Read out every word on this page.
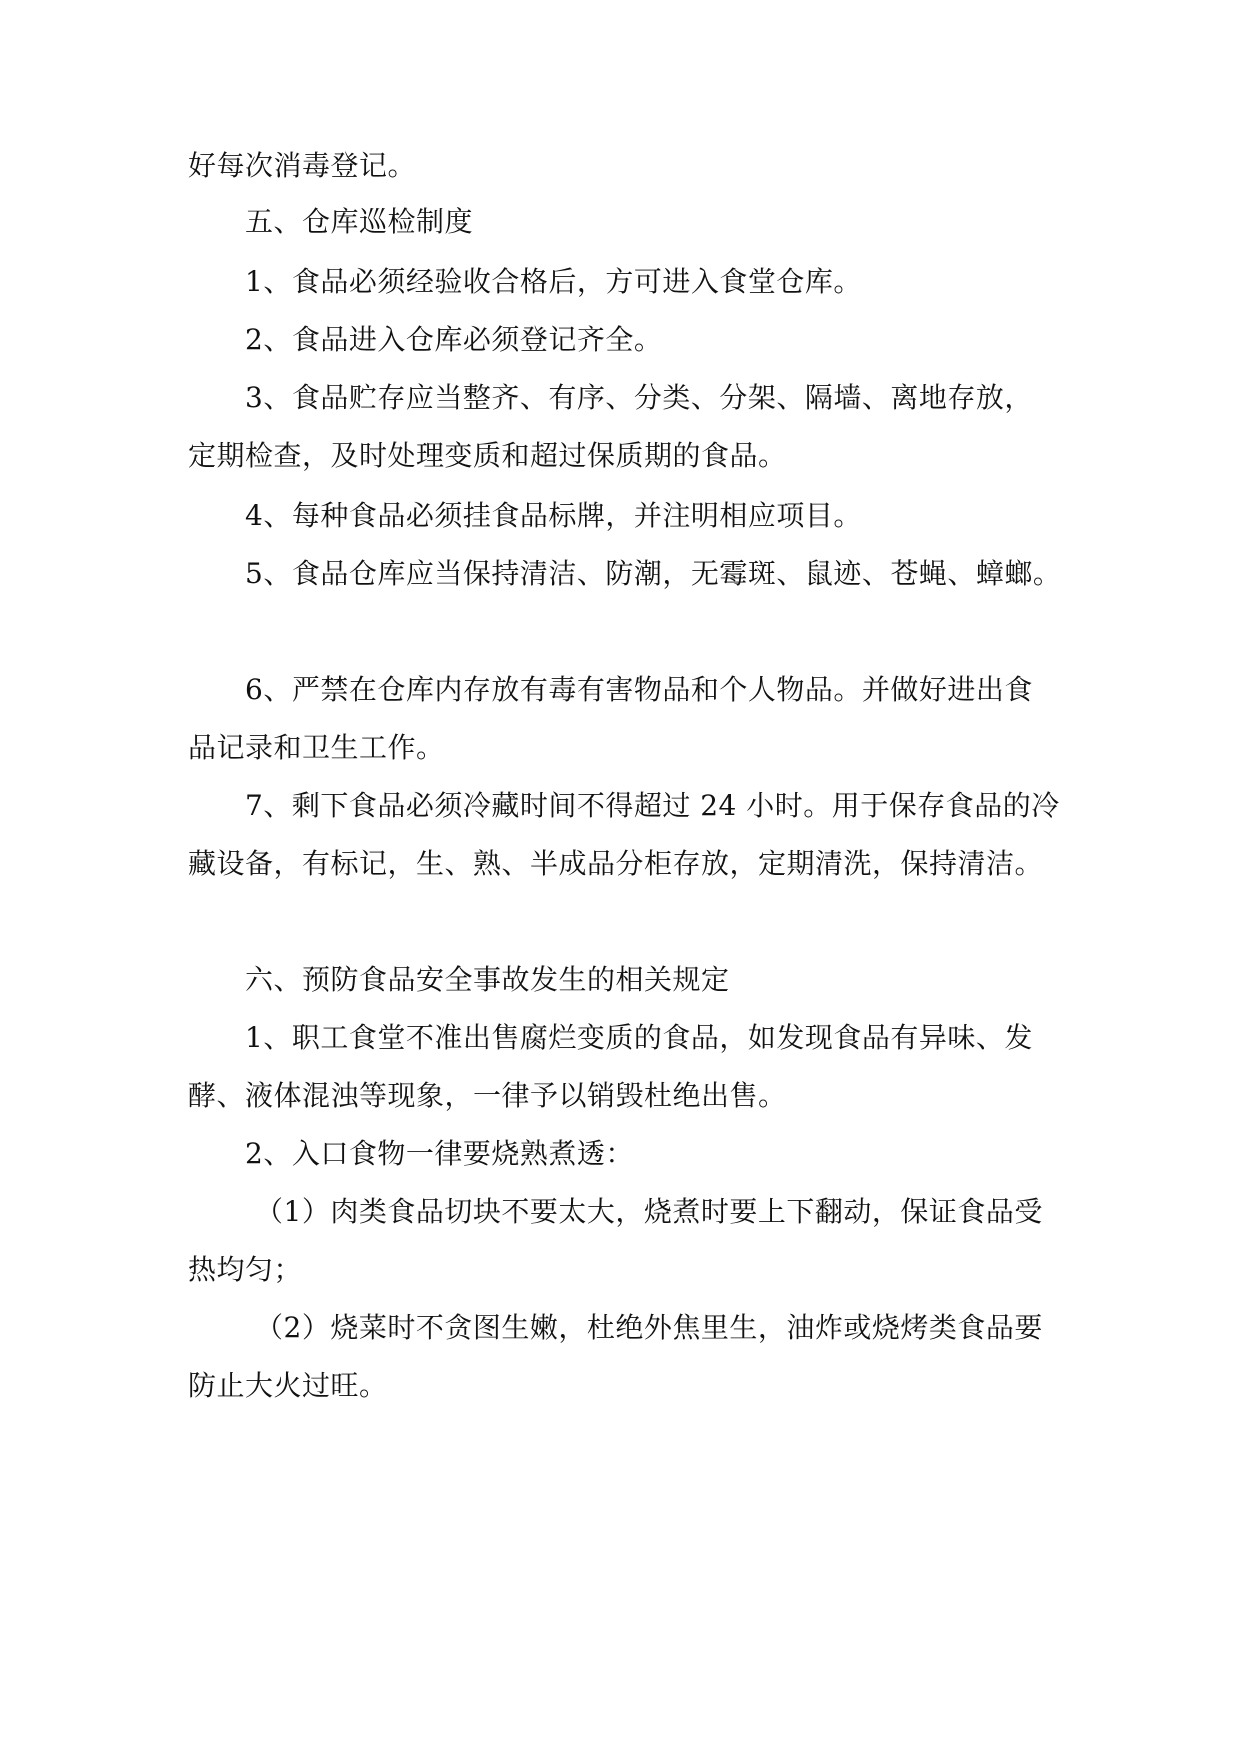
好每次消毒登记。
五、仓库巡检制度
1、食品必须经验收合格后，方可进入食堂仓库。
2、食品进入仓库必须登记齐全。
3、食品贮存应当整齐、有序、分类、分架、隔墙、离地存放，
定期检查，及时处理变质和超过保质期的食品。
4、每种食品必须挂食品标牌，并注明相应项目。
5、食品仓库应当保持清洁、防潮，无霉斑、鼠迹、苍蝇、蟑螂。
6、严禁在仓库内存放有毒有害物品和个人物品。并做好进出食
品记录和卫生工作。
7、剩下食品必须冷藏时间不得超过 24 小时。用于保存食品的冷
藏设备，有标记，生、熟、半成品分柜存放，定期清洗，保持清洁。
六、预防食品安全事故发生的相关规定
1、职工食堂不准出售腐烂变质的食品，如发现食品有异味、发
酵、液体混浊等现象，一律予以销毁杜绝出售。
2、入口食物一律要烧熟煮透：
（1）肉类食品切块不要太大，烧煮时要上下翻动，保证食品受
热均匀；
（2）烧菜时不贪图生嫩，杜绝外焦里生，油炸或烧烤类食品要
防止大火过旺。
